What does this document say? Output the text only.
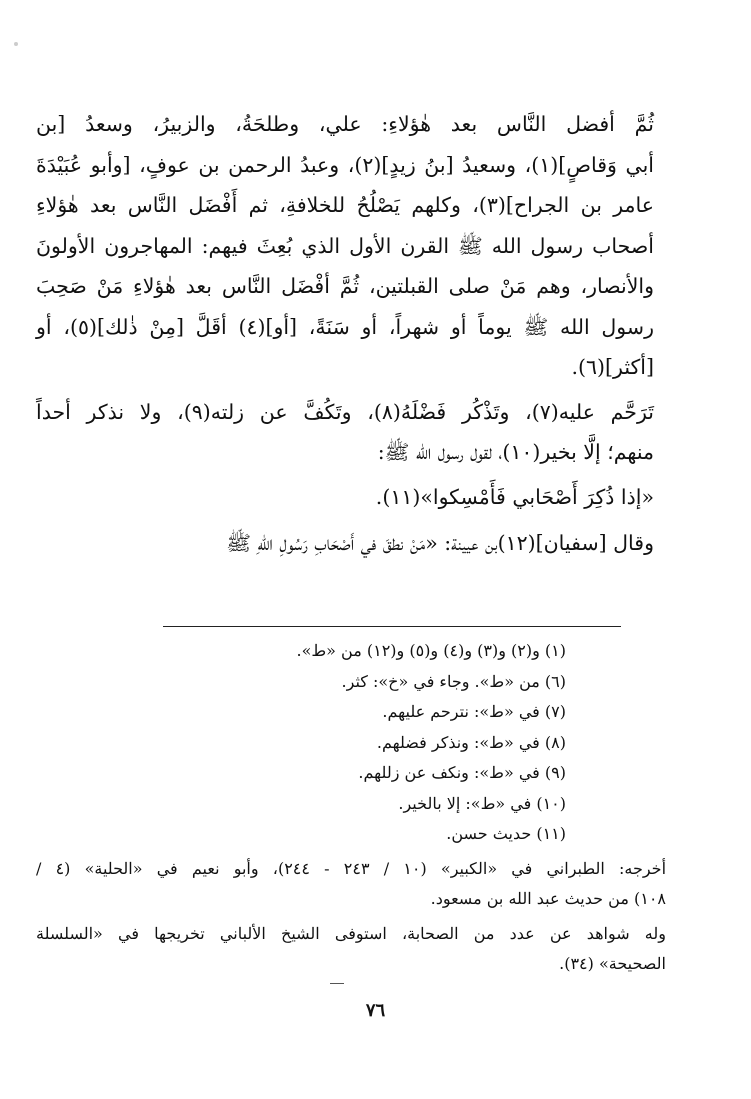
ثُمَّ أفضل النَّاس بعد هٰؤلاءِ: علي، وطلحَةُ، والزبيرُ، وسعدُ [بن
أبي وَقاصٍ](١)، وسعيدُ [بنُ زيدٍ](٢)، وعبدُ الرحمن بن عوفٍ، [وأبو عُبَيْدَةَ
عامر بن الجراح](٣)، وكلهم يَصْلُحُ للخلافةِ، ثم أَفْضَل النَّاس بعد هٰؤلاءِ
أصحاب رسول الله ﷺ القرن الأول الذي بُعِثَ فيهم: المهاجرون الأولونَ
والأنصار، وهم مَنْ صلى القبلتين، ثُمَّ أفْضَل النَّاس بعد هٰؤلاءِ مَنْ صَحِبَ
رسول الله ﷺ يوماً أو شهراً، أو سَنَةً، [أو](٤) أقَلَّ [مِنْ ذٰلك](٥)، أو
[أكثر](٦).

تَرَحَّم عليه(٧)، وتَذْكُر فَضْلَهُ(٨)، وتَكُفَّ عن زلته(٩)، ولا نذكر أحداً
منهم؛ إلَّا بخير(١٠)، لقول رسول الله ﷺ:

«إذا ذُكِرَ أَصْحَابي فَأَمْسِكوا»(١١).

وقال [سفيان](١٢)بن عيينة: «مَنْ نطقَ في أَصْحَابِ رَسُولِ اللهِ ﷺ

(١) و(٢) و(٣) و(٤) و(٥) و(١٢) من «ط».
(٦) من «ط». وجاء في «خ»: كثر.
(٧) في «ط»: نترحم عليهم.
(٨) في «ط»: ونذكر فضلهم.
(٩) في «ط»: ونكف عن زللهم.
(١٠) في «ط»: إلا بالخير.
(١١) حديث حسن.
أخرجه: الطبراني في «الكبير» (١٠ / ٢٤٣ - ٢٤٤)، وأبو نعيم في «الحلية» (٤ /
١٠٨) من حديث عبد الله بن مسعود.
وله شواهد عن عدد من الصحابة، استوفى الشيخ الألباني تخريجها في «السلسلة
الصحيحة» (٣٤).
٧٦
